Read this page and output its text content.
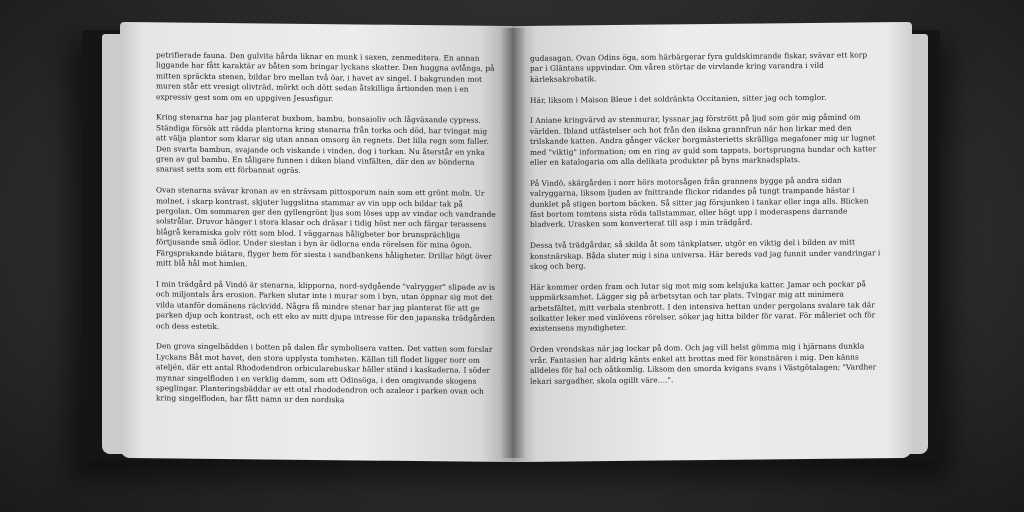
petrifierade fauna. Den gulvita hårda liknar en munk i saxen, zenmeditera. En annan liggande har fått karaktär av båten som bringar lyckans skatter. Den huggna avlånga, på mitten spräckta stenen, bildar bro mellan två öar, i havet av singel. I bakgrunden mot muren står ett vresigt olivträd, mörkt och dött sedan åtskilliga årtionden men i en expressiv gest som om en uppgiven Jesusfigur.

Kring stenarna har jag planterat buxbom, bambu, bonsaioliv och lågväxande cypress. Ständiga försök att rädda plantorna kring stenarna från torka och död, har tvingat mig att välja plantor som klarar sig utan annan omsorg än regnets. Det lilla regn som faller. Den svarta bambun, svajande och viskande i vinden, dog i torkan. Nu återstår en ynka gren av gul bambu. En tåligare funnen i diken bland vinfälten, där den av bönderna snarast setts som ett förbannat ogräs.

Ovan stenarna svävar kronan av en strävsam pittosporum nain som ett grönt moln. Ur molnet, i skarp kontrast, skjuter luggslitna stammar av vin upp och bildar tak på pergolan. Om sommaren ger den gyllengrönt ljus som löses upp av vindar och vandrande solstrålar. Druvor hänger i stora klasar och dräsar i tidig höst ner och färgar terassens blågrå keramiska golv rött som blod. I väggarnas håligheter bor brunsprächliga förtjusande små ödlor. Under siestan i byn är ödlorna enda rörelsen för mina ögon. Färgsprakande biätare, flyger hem för siesta i sandbankens håligheter. Drillar högt över mitt blå hål mot himlen.

I min trädgård på Vindö är stenarna, klipporna, nord-sydgående "valrygger" slipade av is och miljontals års erosion. Parken slutar inte i murar som i byn, utan öppnar sig mot det vilda utanför domänens räckvidd. Några få mindre stenar har jag planterat för att ge parken djup och kontrast, och ett eko av mitt djupa intresse för den japanska trädgården och dess estetik.

Den grova singelbädden i botten på dalen får symbolisera vatten. Det vatten som forslar Lyckans Båt mot havet, den stora upplysta tomheten. Källan till flodet ligger norr om ateljén, där ett antal Rhododendron orbicularebuskar häller ständ i kaskaderna. I söder mynnar singelfloden i en verklig damm, som ett Odinsöga, i den omgivande skogens speglingar. Planteringsbäddar av ett otal rhododendron och azaleor i parken ovan och kring singelfloden, har fått namn ur den nordiska

gudasagan. Ovan Odins öga, som härbärgerar fyra guldskimrande fiskar, svävar ett korp par i Gläntans uppvindar. Om våren störtar de virvlande kring varandra i vild kärleksakrobatik.

Här, liksom i Maison Bleue i det soldränkta Occitanien, sitter jag och tomglor.

I Aniane kringvärvd av stenmurar, lyssnar jag förstrött på ljud som gör mig påmind om världen. Ibland utfästelser och hot från den ilskna grannfrun när hon lirkar med den trilskande katten. Andra gånger väcker borgmästerietts skrälliga megafoner mig ur lugnet med "viktig" information; om en ring av guld som tappats, bortsprungna hundar och katter eller en katalogaria om alla delikata produkter på byns marknadsplats.

På Vindö, skärgården i norr hörs motorsågen från grannens bygge på andra sidan valryggarna, liksom ljuden av fnittrande flickor ridandes på tungt trampande hästar i dunklet på stigen bortom bäcken. Så sitter jag försjunken i tankar eller inga alls. Blicken fäst bortom tomtens sista röda tallstammar, eller högt upp i moderaspens darrande bladverk. Urasken som konverterat till asp i min trädgård.

Dessa två trädgårdar, så skilda åt som tänkplatser, utgör en viktig del i bilden av mitt konstnärskap. Båda sluter mig i sina universa. Här bereds vad jag funnit under vandringar i skog och berg.

Här kommer orden fram och lutar sig mot mig som kelsjuka katter. Jamar och pockar på uppmärksamhet. Lägger sig på arbetsytan och tar plats. Tvingar mig att minimera arbetsfältet, mitt verbala stenbrott. I den intensiva hettan under pergolans svalare tak där solkatter leker med vinlövens rörelser, söker jag hitta bilder för varat. För måleriet och för existensens myndigheter.

Orden vrendskas när jag lockar på dom. Och jag vill helst gömma mig i hjärnans dunkla vrår. Fantasien har aldrig känts enkel att brottas med för konstnären i mig. Den känns alldeles för hal och oåtkomlig. Liksom den smorda kvigans svans i Västgötalagen; "Vardher lekari sargadher, skola ogillt väre….".
